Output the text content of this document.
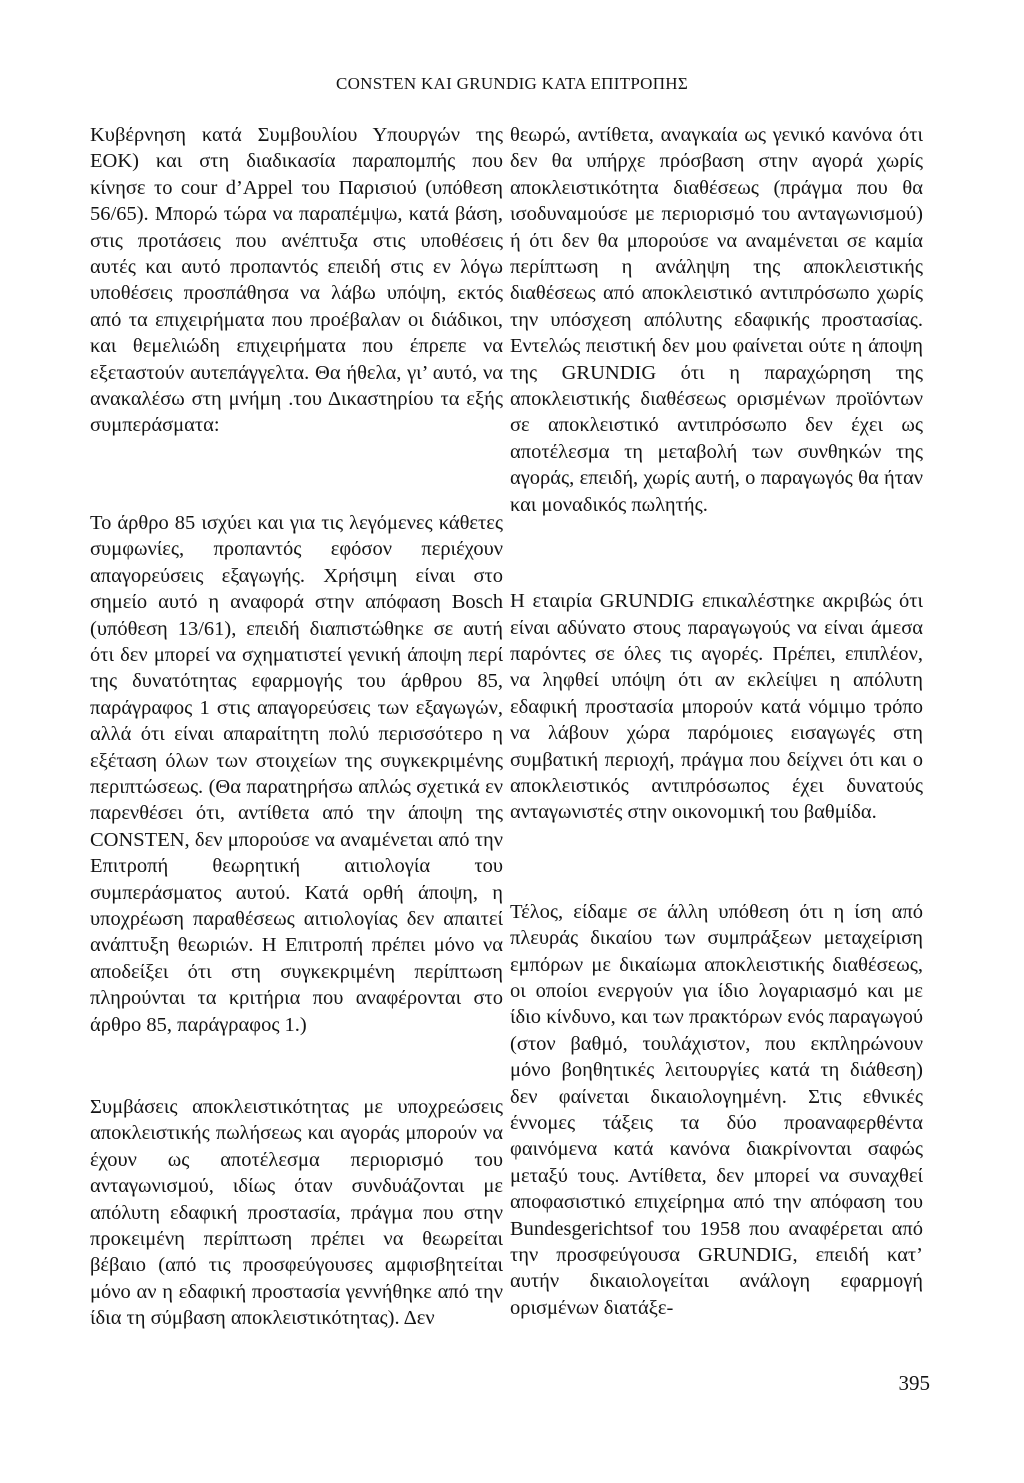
CONSTEN KAI GRUNDIG KATA ΕΠΙΤΡΟΠΗΣ

Κυβέρνηση κατά Συμβουλίου Υπουργών της ΕΟΚ) και στη διαδικασία παραπομπής που κίνησε το cour d’Appel του Παρισιού (υπόθεση 56/65). Μπορώ τώρα να παραπέμψω, κατά βάση, στις προτάσεις που ανέπτυξα στις υποθέσεις αυτές και αυτό προπαντός επειδή στις εν λόγω υποθέσεις προσπάθησα να λάβω υπόψη, εκτός από τα επιχειρήματα που προέβαλαν οι διάδικοι, και θεμελιώδη επιχειρήματα που έπρεπε να εξεταστούν αυτεπάγγελτα. Θα ήθελα, γι’ αυτό, να ανακαλέσω στη μνήμη .του Δικαστηρίου τα εξής συμπεράσματα:

Το άρθρο 85 ισχύει και για τις λεγόμενες κάθετες συμφωνίες, προπαντός εφόσον περιέχουν απαγορεύσεις εξαγωγής. Χρήσιμη είναι στο σημείο αυτό η αναφορά στην απόφαση Bosch (υπόθεση 13/61), επειδή διαπιστώθηκε σε αυτή ότι δεν μπορεί να σχηματιστεί γενική άποψη περί της δυνατότητας εφαρμογής του άρθρου 85, παράγραφος 1 στις απαγορεύσεις των εξαγωγών, αλλά ότι είναι απαραίτητη πολύ περισσότερο η εξέταση όλων των στοιχείων της συγκεκριμένης περιπτώσεως. (Θα παρατηρήσω απλώς σχετικά εν παρενθέσει ότι, αντίθετα από την άποψη της CONSTEN, δεν μπορούσε να αναμένεται από την Επιτροπή θεωρητική αιτιολογία του συμπεράσματος αυτού. Κατά ορθή άποψη, η υποχρέωση παραθέσεως αιτιολογίας δεν απαιτεί ανάπτυξη θεωριών. Η Επιτροπή πρέπει μόνο να αποδείξει ότι στη συγκεκριμένη περίπτωση πληρούνται τα κριτήρια που αναφέρονται στο άρθρο 85, παράγραφος 1.)

Συμβάσεις αποκλειστικότητας με υποχρεώσεις αποκλειστικής πωλήσεως και αγοράς μπορούν να έχουν ως αποτέλεσμα περιορισμό του ανταγωνισμού, ιδίως όταν συνδυάζονται με απόλυτη εδαφική προστασία, πράγμα που στην προκειμένη περίπτωση πρέπει να θεωρείται βέβαιο (από τις προσφεύγουσες αμφισβητείται μόνο αν η εδαφική προστασία γεννήθηκε από την ίδια τη σύμβαση αποκλειστικότητας). Δεν

θεωρώ, αντίθετα, αναγκαία ως γενικό κανόνα ότι δεν θα υπήρχε πρόσβαση στην αγορά χωρίς αποκλειστικότητα διαθέσεως (πράγμα που θα ισοδυναμούσε με περιορισμό του ανταγωνισμού) ή ότι δεν θα μπορούσε να αναμένεται σε καμία περίπτωση η ανάληψη της αποκλειστικής διαθέσεως από αποκλειστικό αντιπρόσωπο χωρίς την υπόσχεση απόλυτης εδαφικής προστασίας. Εντελώς πειστική δεν μου φαίνεται ούτε η άποψη της GRUNDIG ότι η παραχώρηση της αποκλειστικής διαθέσεως ορισμένων προϊόντων σε αποκλειστικό αντιπρόσωπο δεν έχει ως αποτέλεσμα τη μεταβολή των συνθηκών της αγοράς, επειδή, χωρίς αυτή, ο παραγωγός θα ήταν και μοναδικός πωλητής.

Η εταιρία GRUNDIG επικαλέστηκε ακριβώς ότι είναι αδύνατο στους παραγωγούς να είναι άμεσα παρόντες σε όλες τις αγορές. Πρέπει, επιπλέον, να ληφθεί υπόψη ότι αν εκλείψει η απόλυτη εδαφική προστασία μπορούν κατά νόμιμο τρόπο να λάβουν χώρα παρόμοιες εισαγωγές στη συμβατική περιοχή, πράγμα που δείχνει ότι και ο αποκλειστικός αντιπρόσωπος έχει δυνατούς ανταγωνιστές στην οικονομική του βαθμίδα.

Τέλος, είδαμε σε άλλη υπόθεση ότι η ίση από πλευράς δικαίου των συμπράξεων μεταχείριση εμπόρων με δικαίωμα αποκλειστικής διαθέσεως, οι οποίοι ενεργούν για ίδιο λογαριασμό και με ίδιο κίνδυνο, και των πρακτόρων ενός παραγωγού (στον βαθμό, τουλάχιστον, που εκπληρώνουν μόνο βοηθητικές λειτουργίες κατά τη διάθεση) δεν φαίνεται δικαιολογημένη. Στις εθνικές έννομες τάξεις τα δύο προαναφερθέντα φαινόμενα κατά κανόνα διακρίνονται σαφώς μεταξύ τους. Αντίθετα, δεν μπορεί να συναχθεί αποφασιστικό επιχείρημα από την απόφαση του Bundesgerichtsof του 1958 που αναφέρεται από την προσφεύγουσα GRUNDIG, επειδή κατ’ αυτήν δικαιολογείται ανάλογη εφαρμογή ορισμένων διατάξε-

395
